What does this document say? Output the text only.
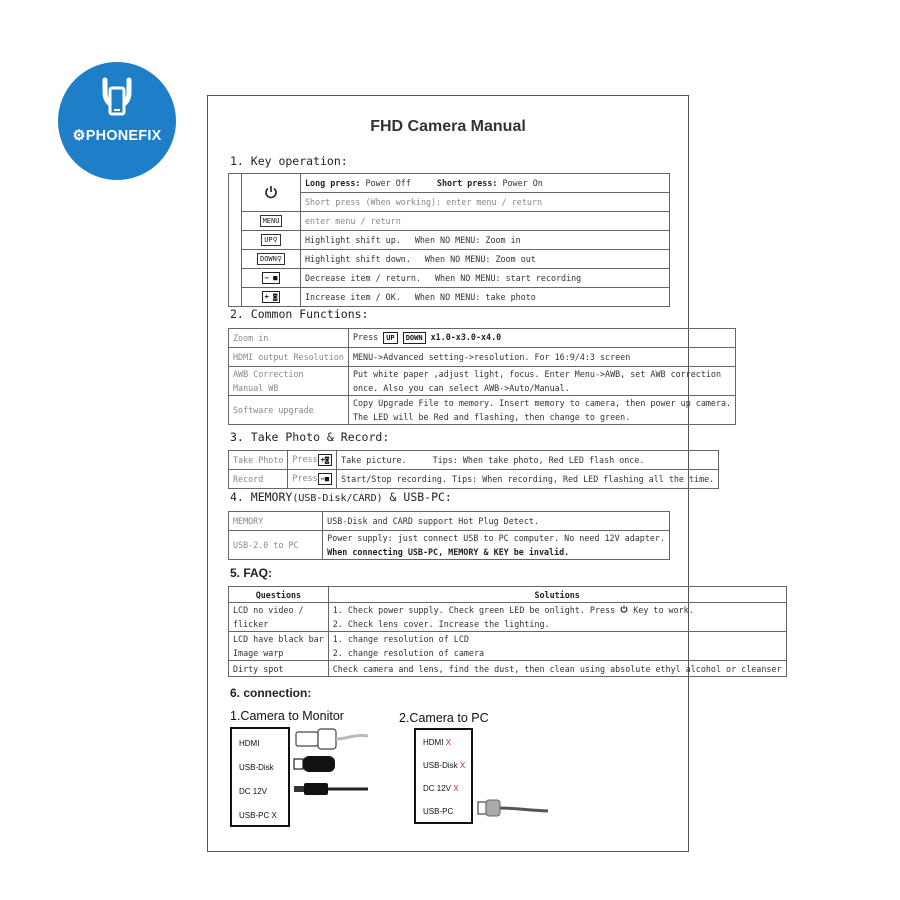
⚙PHONEFIX
FHD Camera Manual
1. Key operation:
		Long press: Power Off Short press: Power On
		Short press (When working): enter menu / return
	MENU	enter menu / return
	UP⚲	Highlight shift up. When NO MENU: Zoom in
	DOWN⚲	Highlight shift down. When NO MENU: Zoom out
	− ■	Decrease item / return. When NO MENU: start recording
	+ ◙	Increase item / OK. When NO MENU: take photo
2. Common Functions:
Zoom in	Press UP DOWN x1.0-x3.0-x4.0
HDMI output Resolution	MENU->Advanced setting->resolution. For 16:9/4:3 screen
AWB Correction
Manual WB	Put white paper ,adjust light, focus. Enter Menu->AWB, set AWB correction
once. Also you can select AWB->Auto/Manual.
Software upgrade	Copy Upgrade File to memory. Insert memory to camera, then power up camera.
The LED will be Red and flashing, then change to green.
3. Take Photo & Record:
Take Photo	Press +◙	Take picture. Tips: When take photo, Red LED flash once.
Record	Press −■	Start/Stop recording. Tips: When recording, Red LED flashing all the time.
4. MEMORY(USB-Disk/CARD) & USB-PC:
MEMORY	USB-Disk and CARD support Hot Plug Detect.
USB-2.0 to PC	Power supply: just connect USB to PC computer. No need 12V adapter.
When connecting USB-PC, MEMORY & KEY be invalid.
5. FAQ:
Questions	Solutions
LCD no video /
flicker	1. Check power supply. Check green LED be onlight. Press Key to work.
2. Check lens cover. Increase the lighting.
LCD have black bar
Image warp	1. change resolution of LCD
2. change resolution of camera
Dirty spot	Check camera and lens, find the dust, then clean using absolute ethyl alcohol or cleanser
6. connection:
1.Camera to Monitor
HDMI
USB-Disk
DC 12V
USB-PC X
2.Camera to PC
HDMI X
USB-Disk X
DC 12V X
USB-PC
